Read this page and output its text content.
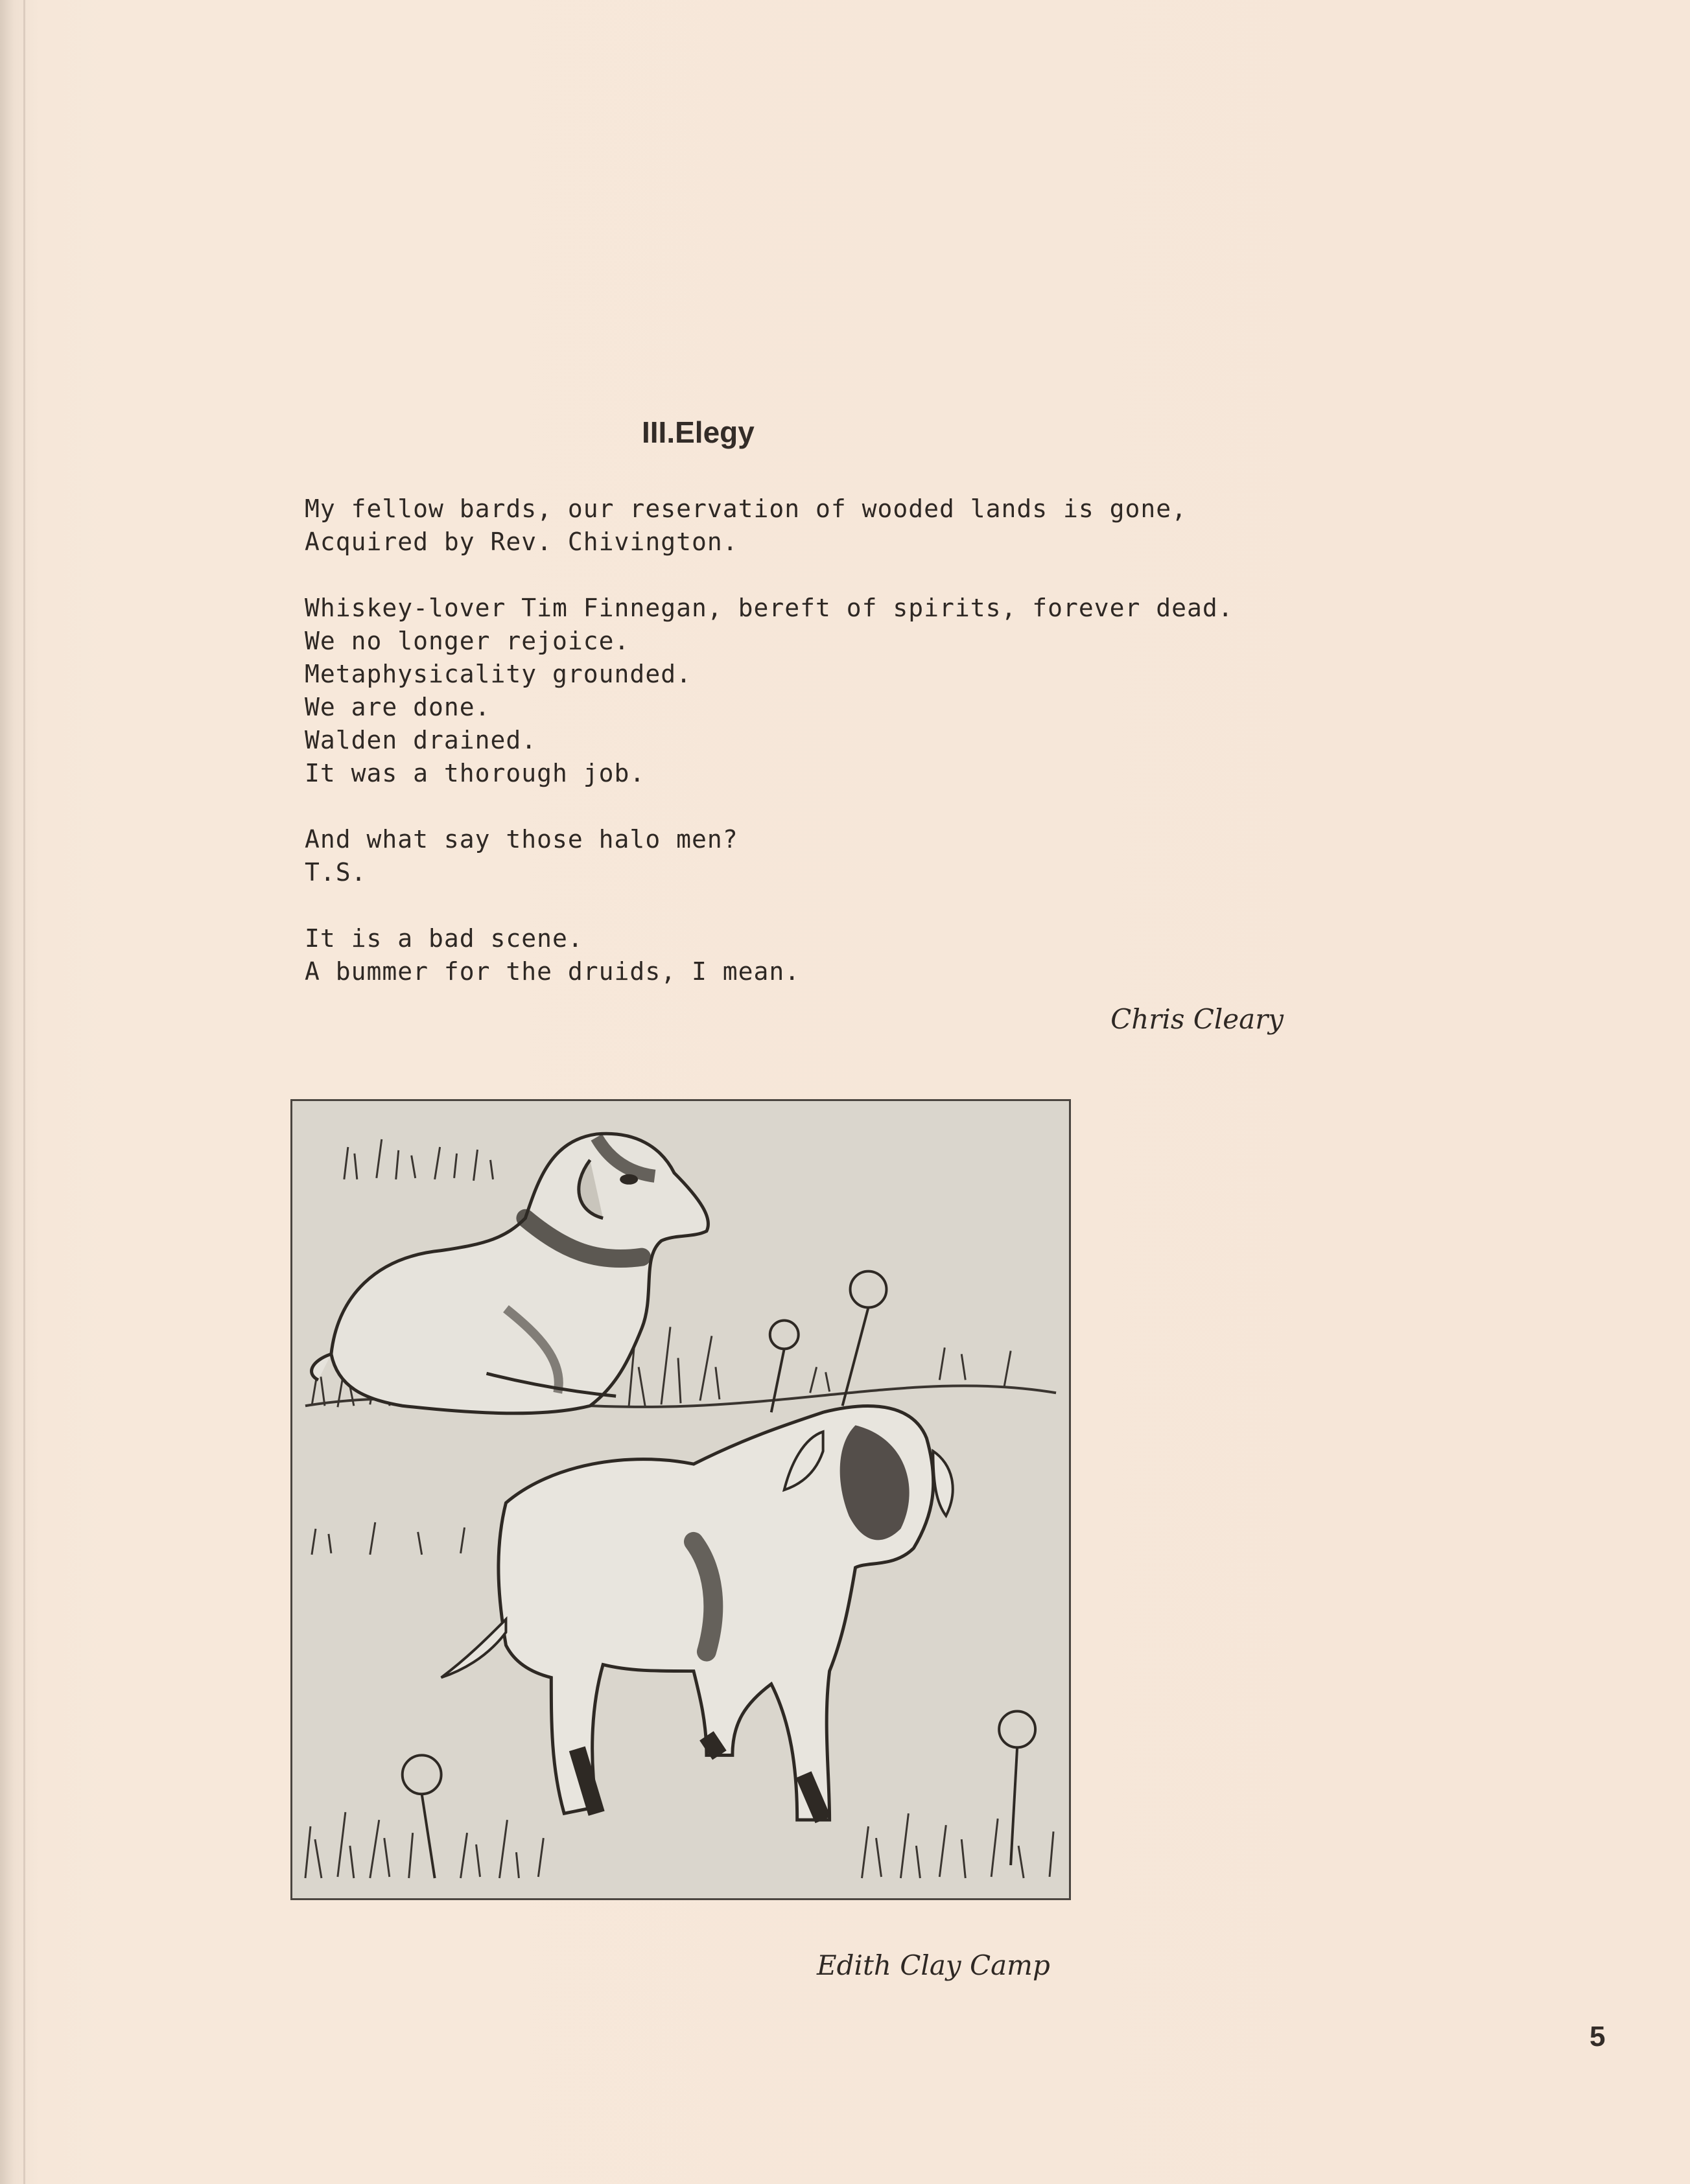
III.Elegy
My fellow bards, our reservation of wooded lands is gone,
Acquired by Rev. Chivington.
Whiskey-lover Tim Finnegan, bereft of spirits, forever dead.
We no longer rejoice.
Metaphysicality grounded.
We are done.
Walden drained.
It was a thorough job.
And what say those halo men?
T.S.
It is a bad scene.
A bummer for the druids, I mean.
Chris Cleary
Edith Clay Camp
5
